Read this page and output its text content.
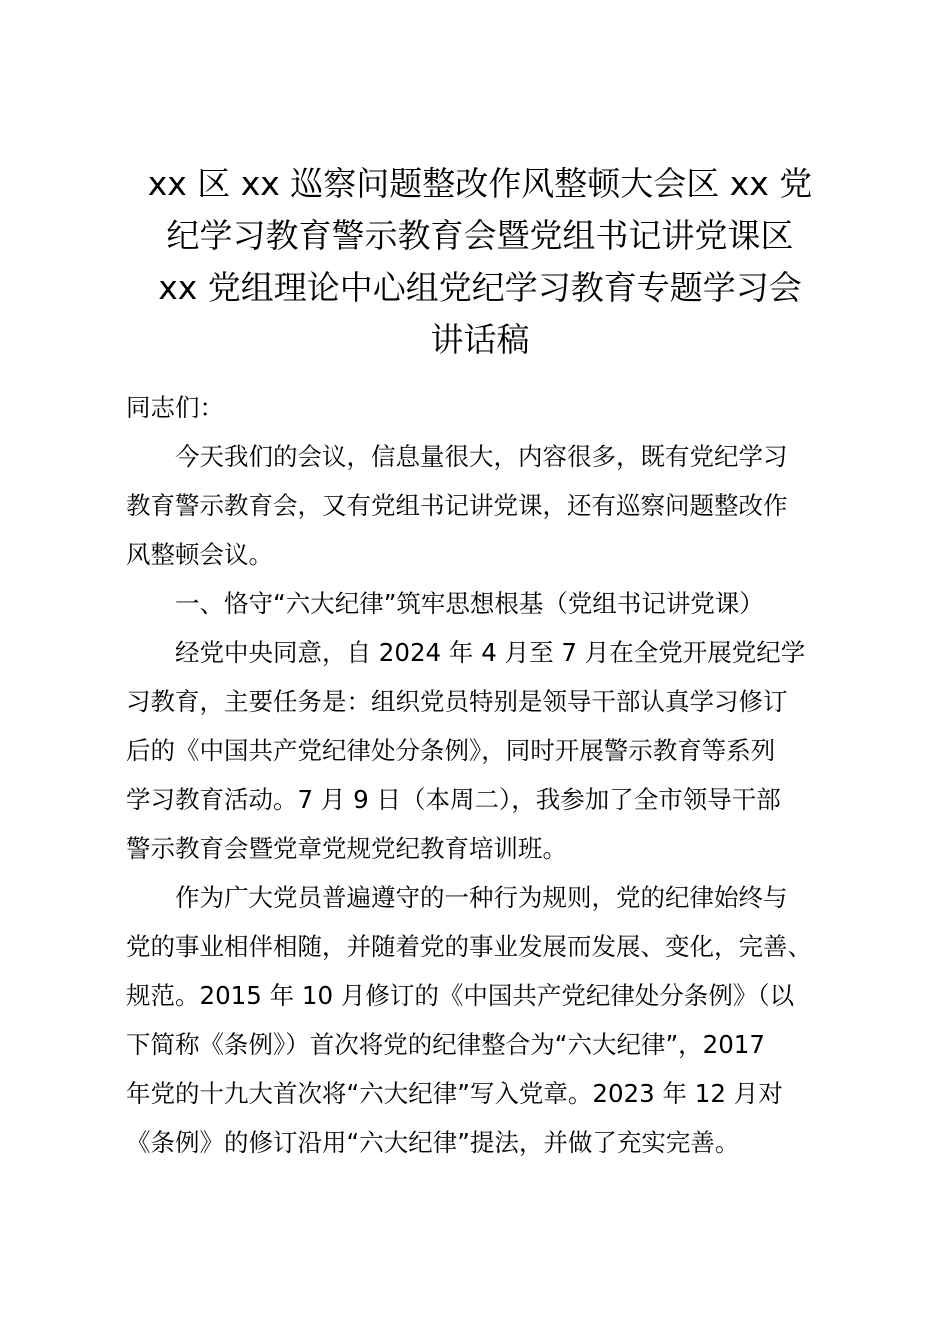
xx 区 xx 巡察问题整改作风整顿大会区 xx 党
纪学习教育警示教育会暨党组书记讲党课区
xx 党组理论中心组党纪学习教育专题学习会
讲话稿

同志们：

今天我们的会议，信息量很大，内容很多，既有党纪学习
教育警示教育会，又有党组书记讲党课，还有巡察问题整改作
风整顿会议。

一、恪守“六大纪律”筑牢思想根基（党组书记讲党课）

经党中央同意，自 2024 年 4 月至 7 月在全党开展党纪学
习教育，主要任务是：组织党员特别是领导干部认真学习修订
后的《中国共产党纪律处分条例》，同时开展警示教育等系列
学习教育活动。7 月 9 日（本周二），我参加了全市领导干部
警示教育会暨党章党规党纪教育培训班。

作为广大党员普遍遵守的一种行为规则，党的纪律始终与
党的事业相伴相随，并随着党的事业发展而发展、变化，完善、
规范。2015 年 10 月修订的《中国共产党纪律处分条例》（以
下简称《条例》）首次将党的纪律整合为“六大纪律”，2017
年党的十九大首次将“六大纪律”写入党章。2023 年 12 月对
《条例》的修订沿用“六大纪律”提法，并做了充实完善。
